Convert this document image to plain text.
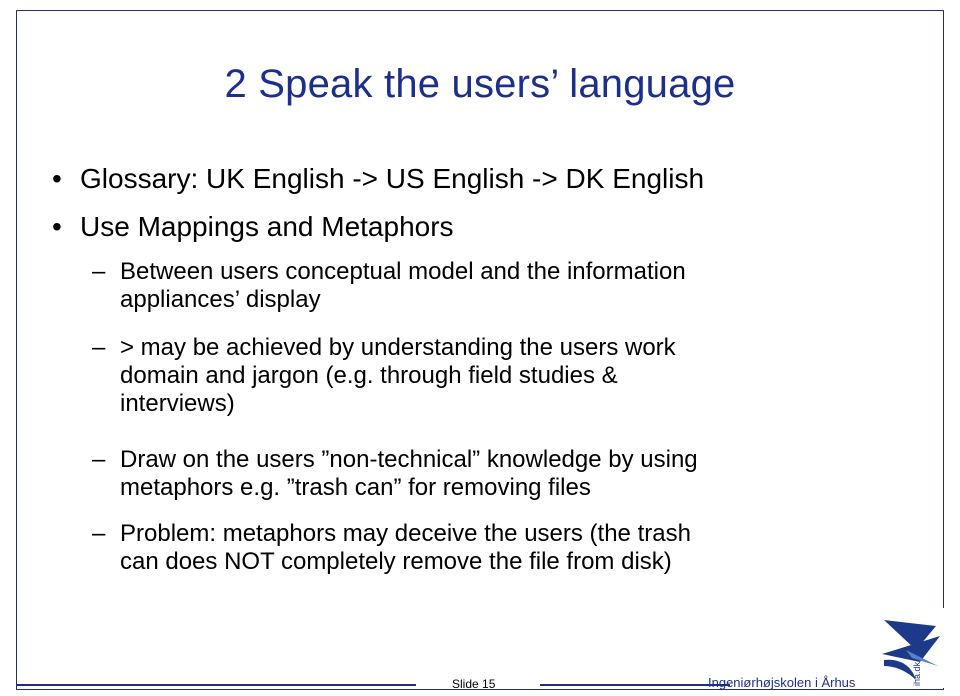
2 Speak the users’ language
• Glossary: UK English -> US English -> DK English
• Use Mappings and Metaphors
– Between users conceptual model and the information
appliances’ display
– > may be achieved by understanding the users work
domain and jargon (e.g. through field studies &
interviews)
– Draw on the users ”non-technical” knowledge by using
metaphors e.g. ”trash can” for removing files
– Problem: metaphors may deceive the users (the trash
can does NOT completely remove the file from disk)
Slide 15	Ingeniørhøjskolen i Århus	iha.dk
